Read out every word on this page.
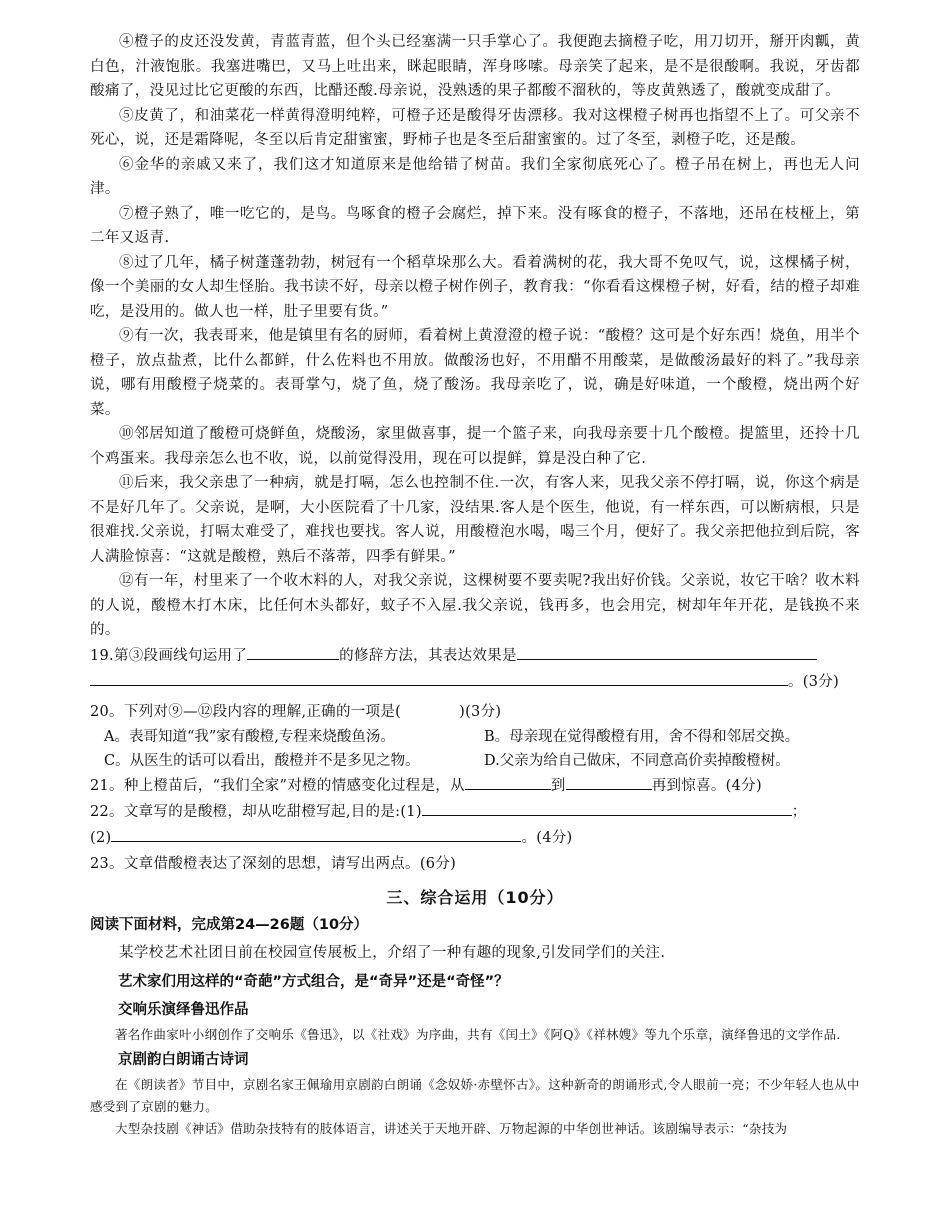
④橙子的皮还没发黄，青蓝青蓝，但个头已经塞满一只手掌心了。我便跑去摘橙子吃，用刀切开，掰开肉瓤，黄白色，汁液饱胀。我塞进嘴巴，又马上吐出来，眯起眼睛，浑身哆嗦。母亲笑了起来，是不是很酸啊。我说，牙齿都酸痛了，没见过比它更酸的东西，比醋还酸.母亲说，没熟透的果子都酸不溜秋的，等皮黄熟透了，酸就变成甜了。

⑤皮黄了，和油菜花一样黄得澄明纯粹，可橙子还是酸得牙齿漂移。我对这棵橙子树再也指望不上了。可父亲不死心，说，还是霜降呢，冬至以后肯定甜蜜蜜，野柿子也是冬至后甜蜜蜜的。过了冬至，剥橙子吃，还是酸。

⑥金华的亲戚又来了，我们这才知道原来是他给错了树苗。我们全家彻底死心了。橙子吊在树上，再也无人问津。

⑦橙子熟了，唯一吃它的，是鸟。鸟啄食的橙子会腐烂，掉下来。没有啄食的橙子，不落地，还吊在枝桠上，第二年又返青.

⑧过了几年，橘子树蓬蓬勃勃，树冠有一个稻草垛那么大。看着满树的花，我大哥不免叹气，说，这棵橘子树，像一个美丽的女人却生怪胎。我书读不好，母亲以橙子树作例子，教育我：“你看看这棵橙子树，好看，结的橙子却难吃，是没用的。做人也一样，肚子里要有货。”

⑨有一次，我表哥来，他是镇里有名的厨师，看着树上黄澄澄的橙子说：“酸橙？这可是个好东西！烧鱼，用半个橙子，放点盐煮，比什么都鲜，什么佐料也不用放。做酸汤也好，不用醋不用酸菜，是做酸汤最好的料了。”我母亲说，哪有用酸橙子烧菜的。表哥掌勺，烧了鱼，烧了酸汤。我母亲吃了，说，确是好味道，一个酸橙，烧出两个好菜。

⑩邻居知道了酸橙可烧鲜鱼，烧酸汤，家里做喜事，提一个篮子来，向我母亲要十几个酸橙。提篮里，还拎十几个鸡蛋来。我母亲怎么也不收，说，以前觉得没用，现在可以提鲜，算是没白种了它.

⑪后来，我父亲患了一种病，就是打嗝，怎么也控制不住.一次，有客人来，见我父亲不停打嗝，说，你这个病是不是好几年了。父亲说，是啊，大小医院看了十几家，没结果.客人是个医生，他说，有一样东西，可以断病根，只是很难找.父亲说，打嗝太难受了，难找也要找。客人说，用酸橙泡水喝，喝三个月，便好了。我父亲把他拉到后院，客人满脸惊喜：“这就是酸橙，熟后不落蒂，四季有鲜果。”

⑫有一年，村里来了一个收木料的人，对我父亲说，这棵树要不要卖呢?我出好价钱。父亲说，妆它干啥？收木料的人说，酸橙木打木床，比任何木头都好，蚊子不入屋.我父亲说，钱再多，也会用完，树却年年开花，是钱换不来的。

19.第③段画线句运用了	的修辞方法，其表达效果是

。(3分)

20。下列对⑨—⑫段内容的理解,正确的一项是(	)(3分)

A。表哥知道“我”家有酸橙,专程来烧酸鱼汤。	B。母亲现在觉得酸橙有用，舍不得和邻居交换。

C。从医生的话可以看出，酸橙并不是多见之物。	D.父亲为给自己做床，不同意高价卖掉酸橙树。

21。种上橙苗后，“我们全家”对橙的情感变化过程是，从	到	再到惊喜。(4分)

22。文章写的是酸橙，却从吃甜橙写起,目的是:(1)	；

(2)	。(4分)

23。文章借酸橙表达了深刻的思想，请写出两点。(6分)

三、综合运用（10分）

阅读下面材料，完成第24—26题（10分）

某学校艺术社团日前在校园宣传展板上，介绍了一种有趣的现象,引发同学们的关注.

艺术家们用这样的“奇葩”方式组合，是“奇异”还是“奇怪”？

交响乐演绎鲁迅作品

著名作曲家叶小纲创作了交响乐《鲁迅》，以《社戏》为序曲，共有《闰土》《阿Q》《祥林嫂》等九个乐章，演绎鲁迅的文学作品.

京剧韵白朗诵古诗词

在《朗读者》节目中，京剧名家王佩瑜用京剧韵白朗诵《念奴娇·赤壁怀古》。这种新奇的朗诵形式,令人眼前一亮；不少年轻人也从中感受到了京剧的魅力。

大型杂技剧《神话》借助杂技特有的肢体语言，讲述关于天地开辟、万物起源的中华创世神话。该剧编导表示：“杂技为
